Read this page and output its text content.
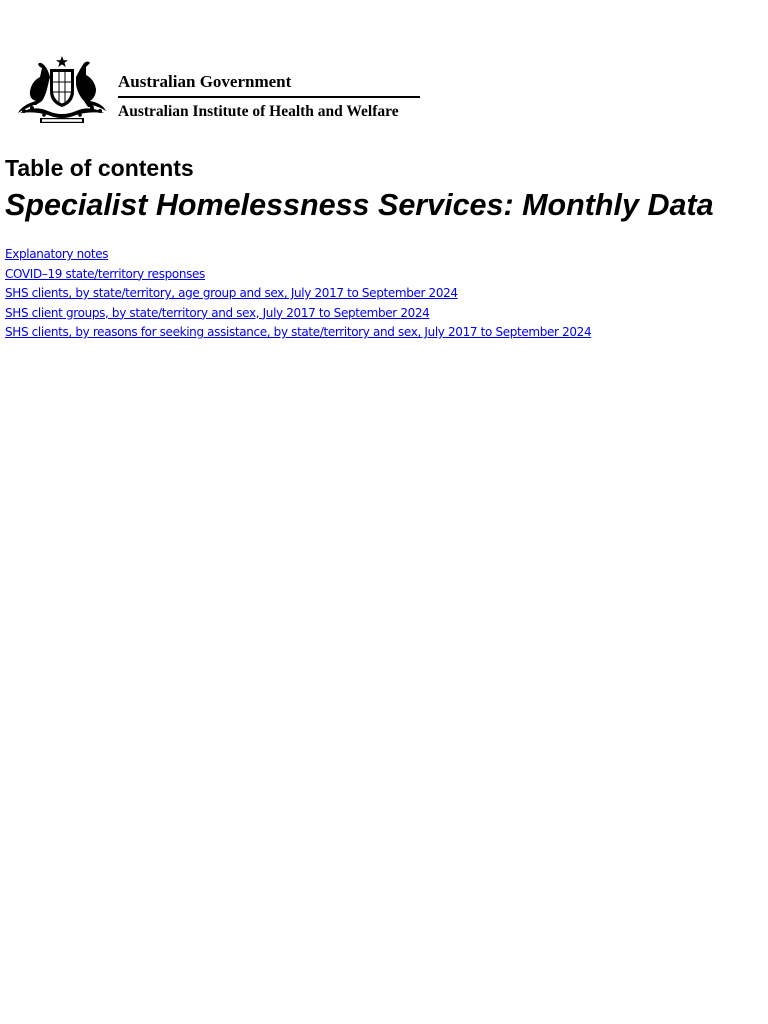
Australian Government
Australian Institute of Health and Welfare
Table of contents
Specialist Homelessness Services: Monthly Data
Explanatory notes
COVID–19 state/territory responses
SHS clients, by state/territory, age group and sex, July 2017 to September 2024
SHS client groups, by state/territory and sex, July 2017 to September 2024
SHS clients, by reasons for seeking assistance, by state/territory and sex, July 2017 to September 2024
